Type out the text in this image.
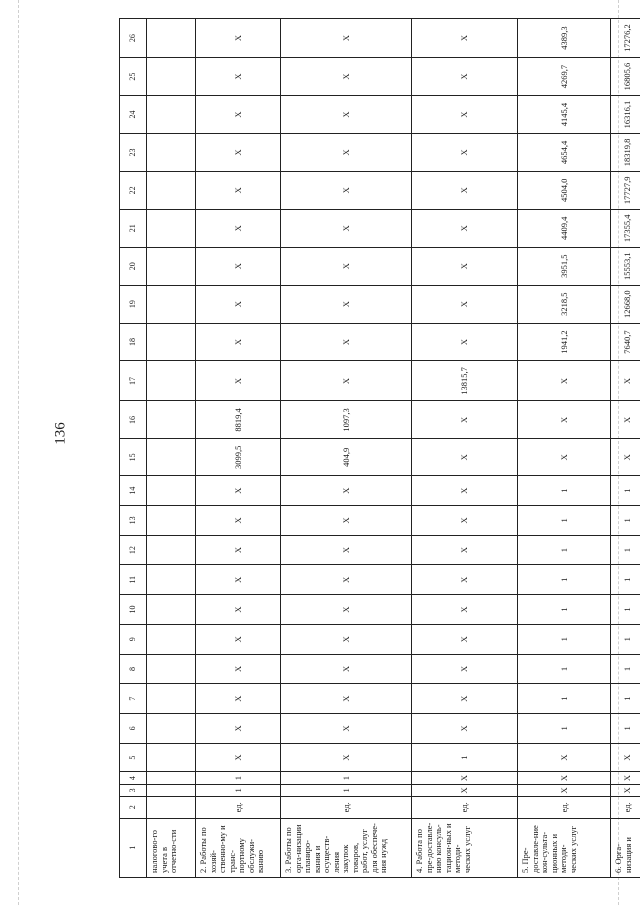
136
1	2	3	4	5	6	7	8	9	10	11	12	13	14	15	16	17	18	19	20	21	22	23	24	25	26
налогово-го учета в отчетно-сти																									
2. Работы по хозяй-ственно-му и транс-портному обслужи-ванию	ед.	1	1	X	X	X	X	X	X	X	X	X	X	3099,5	8819,4	X	X	X	X	X	X	X	X	X	X
3. Работы по орга-низации планиро-вания и осуществ-ления закупок товаров, работ, услуг для обеспече-ния нужд	ед.	1	1	X	X	X	X	X	X	X	X	X	X	404,9	1097,3	X	X	X	X	X	X	X	X	X	X
4. Работа по пре-доставле-нию консуль-тацион-ных и методи-ческих услуг	ед.	X	X	1	X	X	X	X	X	X	X	X	X	X	X	13815,7	X	X	X	X	X	X	X	X	X
5. Пре-доставле-ние кон-сульта-ционных и методи-ческих услуг	ед.	X	X	X	1	1	1	1	1	1	1	1	1	X	X	X	1941,2	3218,5	3951,5	4409,4	4504,0	4654,4	4145,4	4269,7	4389,3
6. Орга-низация и	ед.	X	X	X	1	1	1	1	1	1	1	1	1	X	X	X	7640,7	12668,0	15553,1	17355,4	17727,9	18319,8	16316,1	16805,6	17276,2
